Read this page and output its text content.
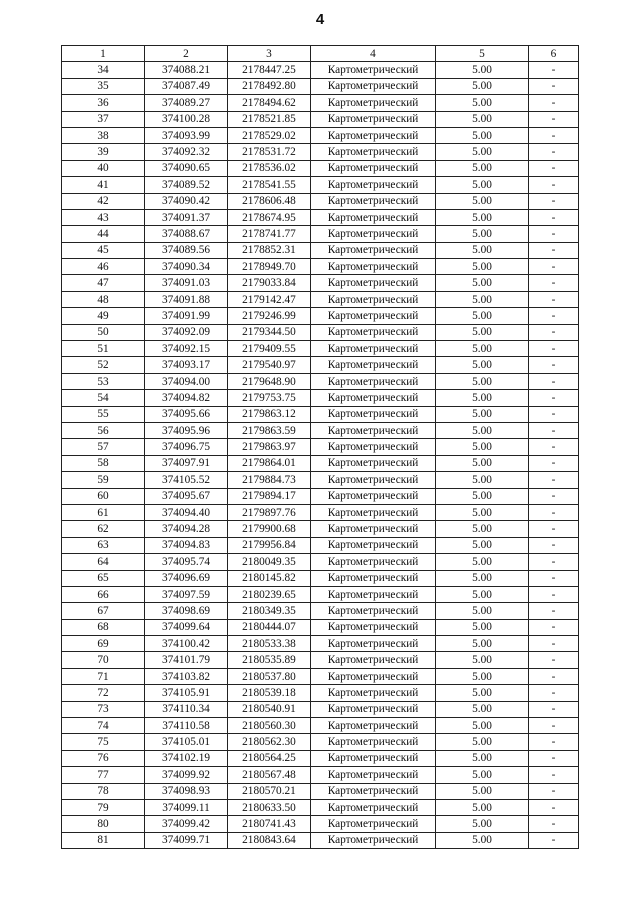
4
1	2	3	4	5	6
34	374088.21	2178447.25	Картометрический	5.00	-
35	374087.49	2178492.80	Картометрический	5.00	-
36	374089.27	2178494.62	Картометрический	5.00	-
37	374100.28	2178521.85	Картометрический	5.00	-
38	374093.99	2178529.02	Картометрический	5.00	-
39	374092.32	2178531.72	Картометрический	5.00	-
40	374090.65	2178536.02	Картометрический	5.00	-
41	374089.52	2178541.55	Картометрический	5.00	-
42	374090.42	2178606.48	Картометрический	5.00	-
43	374091.37	2178674.95	Картометрический	5.00	-
44	374088.67	2178741.77	Картометрический	5.00	-
45	374089.56	2178852.31	Картометрический	5.00	-
46	374090.34	2178949.70	Картометрический	5.00	-
47	374091.03	2179033.84	Картометрический	5.00	-
48	374091.88	2179142.47	Картометрический	5.00	-
49	374091.99	2179246.99	Картометрический	5.00	-
50	374092.09	2179344.50	Картометрический	5.00	-
51	374092.15	2179409.55	Картометрический	5.00	-
52	374093.17	2179540.97	Картометрический	5.00	-
53	374094.00	2179648.90	Картометрический	5.00	-
54	374094.82	2179753.75	Картометрический	5.00	-
55	374095.66	2179863.12	Картометрический	5.00	-
56	374095.96	2179863.59	Картометрический	5.00	-
57	374096.75	2179863.97	Картометрический	5.00	-
58	374097.91	2179864.01	Картометрический	5.00	-
59	374105.52	2179884.73	Картометрический	5.00	-
60	374095.67	2179894.17	Картометрический	5.00	-
61	374094.40	2179897.76	Картометрический	5.00	-
62	374094.28	2179900.68	Картометрический	5.00	-
63	374094.83	2179956.84	Картометрический	5.00	-
64	374095.74	2180049.35	Картометрический	5.00	-
65	374096.69	2180145.82	Картометрический	5.00	-
66	374097.59	2180239.65	Картометрический	5.00	-
67	374098.69	2180349.35	Картометрический	5.00	-
68	374099.64	2180444.07	Картометрический	5.00	-
69	374100.42	2180533.38	Картометрический	5.00	-
70	374101.79	2180535.89	Картометрический	5.00	-
71	374103.82	2180537.80	Картометрический	5.00	-
72	374105.91	2180539.18	Картометрический	5.00	-
73	374110.34	2180540.91	Картометрический	5.00	-
74	374110.58	2180560.30	Картометрический	5.00	-
75	374105.01	2180562.30	Картометрический	5.00	-
76	374102.19	2180564.25	Картометрический	5.00	-
77	374099.92	2180567.48	Картометрический	5.00	-
78	374098.93	2180570.21	Картометрический	5.00	-
79	374099.11	2180633.50	Картометрический	5.00	-
80	374099.42	2180741.43	Картометрический	5.00	-
81	374099.71	2180843.64	Картометрический	5.00	-
